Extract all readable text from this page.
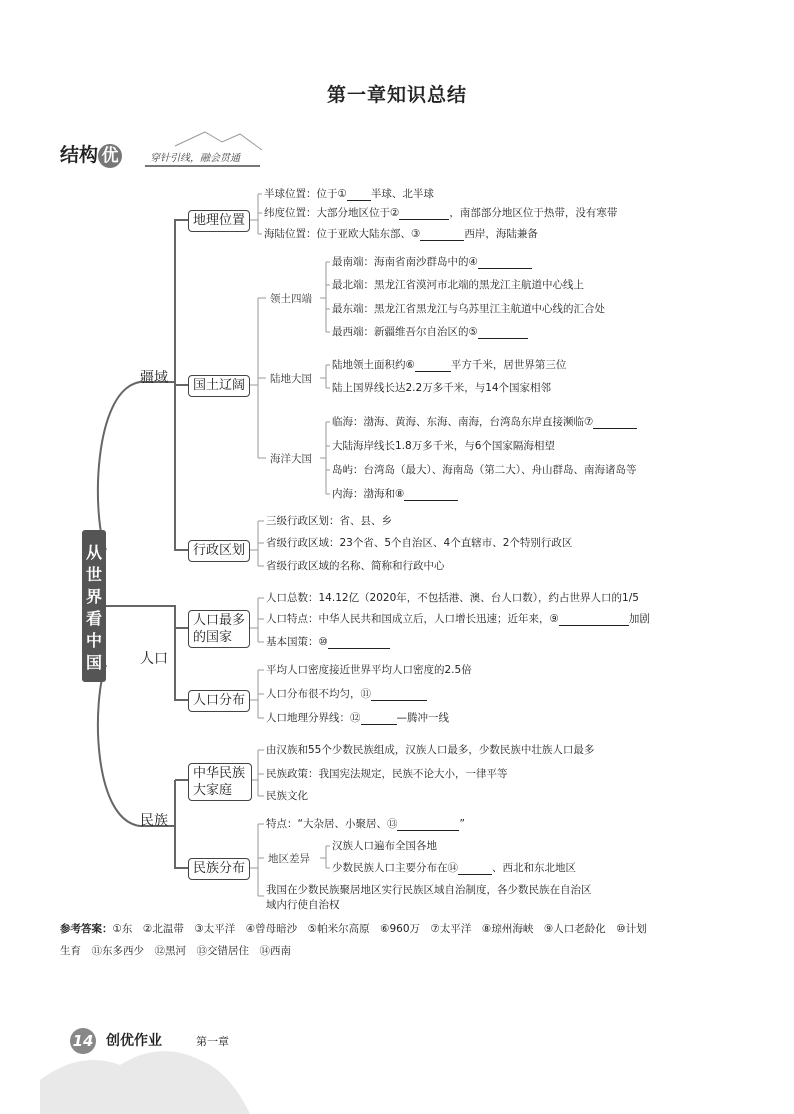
第一章知识总结
结构 优	穿针引线，融会贯通
从世界看中国
疆域
人口
民族
地理位置
国土辽阔
行政区划
人口最多的国家
人口分布
中华民族大家庭
民族分布
领土四端
陆地大国
海洋大国
地区差异
半球位置：位于① 半球、北半球
纬度位置：大部分地区位于②	，南部部分地区位于热带，没有寒带
海陆位置：位于亚欧大陆东部、③	西岸，海陆兼备
最南端：海南省南沙群岛中的④
最北端：黑龙江省漠河市北端的黑龙江主航道中心线上
最东端：黑龙江省黑龙江与乌苏里江主航道中心线的汇合处
最西端：新疆维吾尔自治区的⑤
陆地领土面积约⑥	平方千米，居世界第三位
陆上国界线长达2.2万多千米，与14个国家相邻
临海：渤海、黄海、东海、南海，台湾岛东岸直接濒临⑦
大陆海岸线长1.8万多千米，与6个国家隔海相望
岛屿：台湾岛（最大）、海南岛（第二大）、舟山群岛、南海诸岛等
内海：渤海和⑧
三级行政区划：省、县、乡
省级行政区域：23个省、5个自治区、4个直辖市、2个特别行政区
省级行政区域的名称、简称和行政中心
人口总数：14.12亿（2020年，不包括港、澳、台人口数），约占世界人口的1/5
人口特点：中华人民共和国成立后，人口增长迅速；近年来，⑨	加剧
基本国策：⑩
平均人口密度接近世界平均人口密度的2.5倍
人口分布很不均匀，⑪
人口地理分界线：⑫	—腾冲一线
由汉族和55个少数民族组成，汉族人口最多，少数民族中壮族人口最多
民族政策：我国宪法规定，民族不论大小，一律平等
民族文化
特点：“大杂居、小聚居、⑬	”
汉族人口遍布全国各地
少数民族人口主要分布在⑭	、西北和东北地区
我国在少数民族聚居地区实行民族区域自治制度，各少数民族在自治区
域内行使自治权
参考答案：①东　②北温带　③太平洋　④曾母暗沙　⑤帕米尔高原　⑥960万　⑦太平洋　⑧琼州海峡　⑨人口老龄化　⑩计划
生育　⑪东多西少　⑫黑河　⑬交错居住　⑭西南
14 创优作业	第一章
